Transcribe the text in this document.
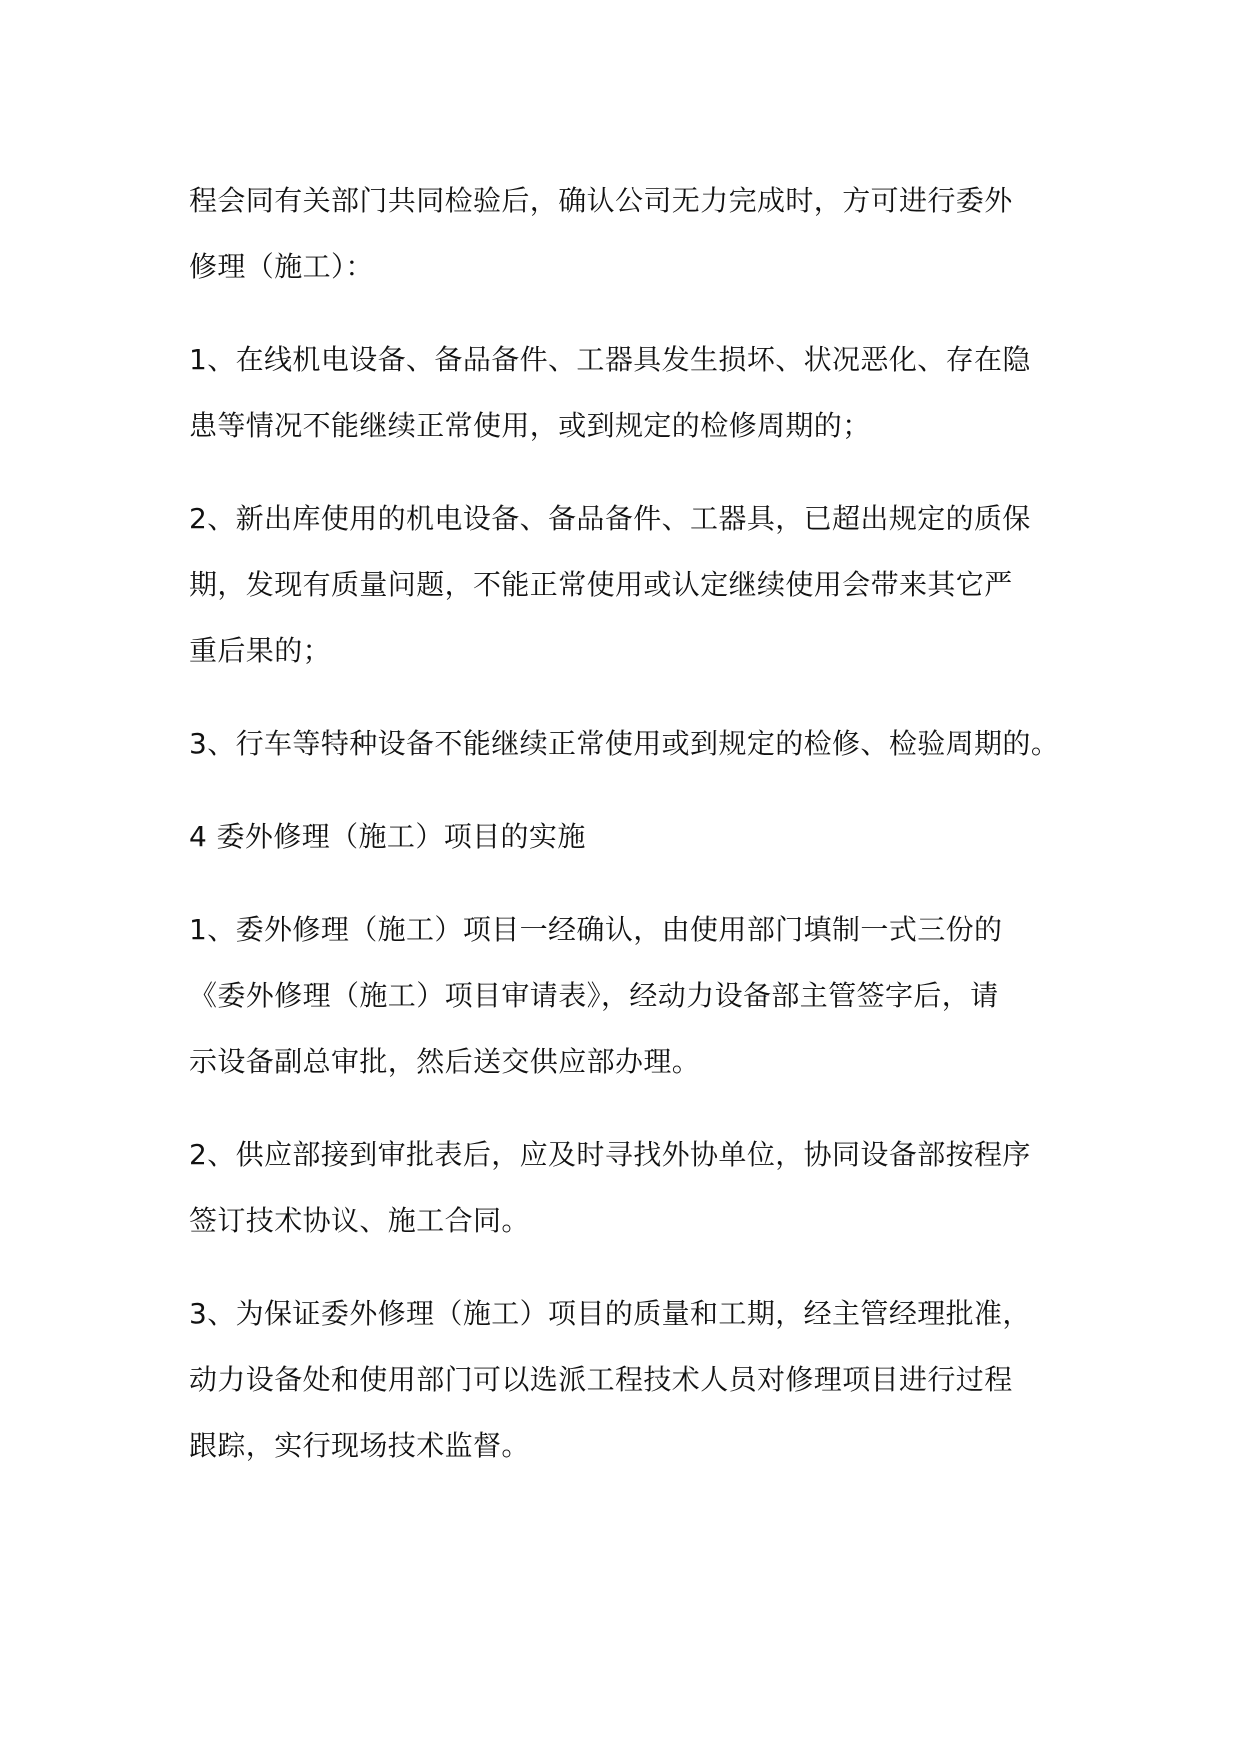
程会同有关部门共同检验后，确认公司无力完成时，方可进行委外
修理（施工）：

1、在线机电设备、备品备件、工器具发生损坏、状况恶化、存在隐
患等情况不能继续正常使用，或到规定的检修周期的；

2、新出库使用的机电设备、备品备件、工器具，已超出规定的质保
期，发现有质量问题，不能正常使用或认定继续使用会带来其它严
重后果的；

3、行车等特种设备不能继续正常使用或到规定的检修、检验周期的。

4 委外修理（施工）项目的实施

1、委外修理（施工）项目一经确认，由使用部门填制一式三份的
《委外修理（施工）项目审请表》，经动力设备部主管签字后，请
示设备副总审批，然后送交供应部办理。

2、供应部接到审批表后，应及时寻找外协单位，协同设备部按程序
签订技术协议、施工合同。

3、为保证委外修理（施工）项目的质量和工期，经主管经理批准，
动力设备处和使用部门可以选派工程技术人员对修理项目进行过程
跟踪，实行现场技术监督。
